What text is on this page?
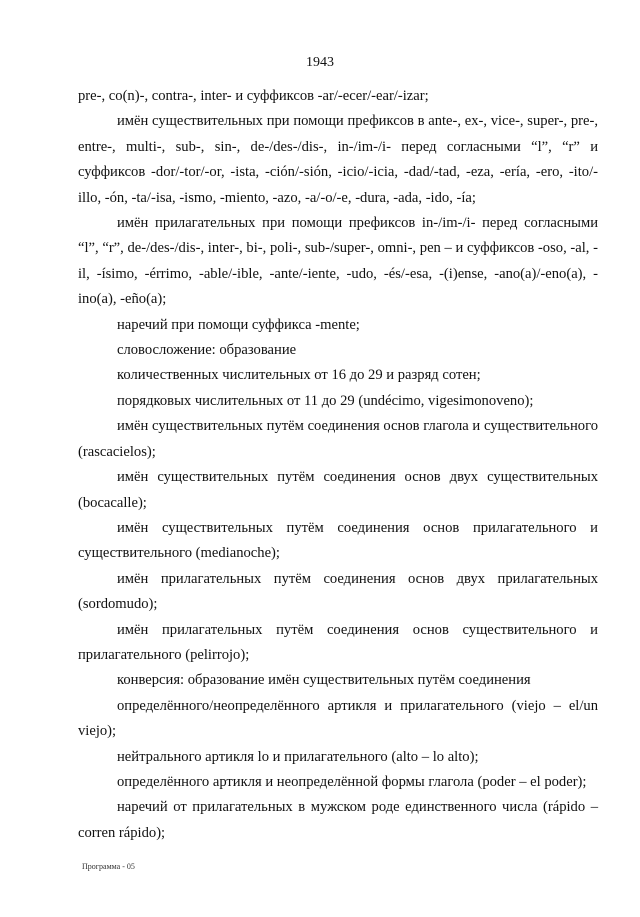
1943

pre-, co(n)-, contra-, inter- и суффиксов -ar/-ecer/-ear/-izar;

имён существительных при помощи префиксов в ante-, ex-, vice-, super-, pre-, entre-, multi-, sub-, sin-, de-/des-/dis-, in-/im-/i- перед согласными “l”, “r” и суффиксов -dor/-tor/-or, -ista, -ción/-sión, -icio/-icia, -dad/-tad, -eza, -ería, -ero, -ito/-illo, -ón, -ta/-isa, -ismo, -miento, -azo, -a/-o/-e, -dura, -ada, -ido, -ía;

имён прилагательных при помощи префиксов in-/im-/i- перед согласными “l”, “r”, de-/des-/dis-, inter-, bi-, poli-, sub-/super-, omni-, pen – и суффиксов -oso, -al, -il, -ísimo, -érrimo, -able/-ible, -ante/-iente, -udo, -és/-esa, -(i)ense, -ano(a)/-eno(a), -ino(a), -eño(a);

наречий при помощи суффикса -mente;

словосложение: образование

количественных числительных от 16 до 29 и разряд сотен;

порядковых числительных от 11 до 29 (undécimo, vigesimonoveno);

имён существительных путём соединения основ глагола и существительного (rascacielos);

имён существительных путём соединения основ двух существительных (bocacalle);

имён существительных путём соединения основ прилагательного и существительного (medianoche);

имён прилагательных путём соединения основ двух прилагательных (sordomudo);

имён прилагательных путём соединения основ существительного и прилагательного (pelirrojo);

конверсия: образование имён существительных путём соединения

определённого/неопределённого артикля и прилагательного (viejo – el/un viejo);

нейтрального артикля lo и прилагательного (alto – lo alto);

определённого артикля и неопределённой формы глагола (poder – el poder);

наречий от прилагательных в мужском роде единственного числа (rápido – corren rápido);

Программа - 05
